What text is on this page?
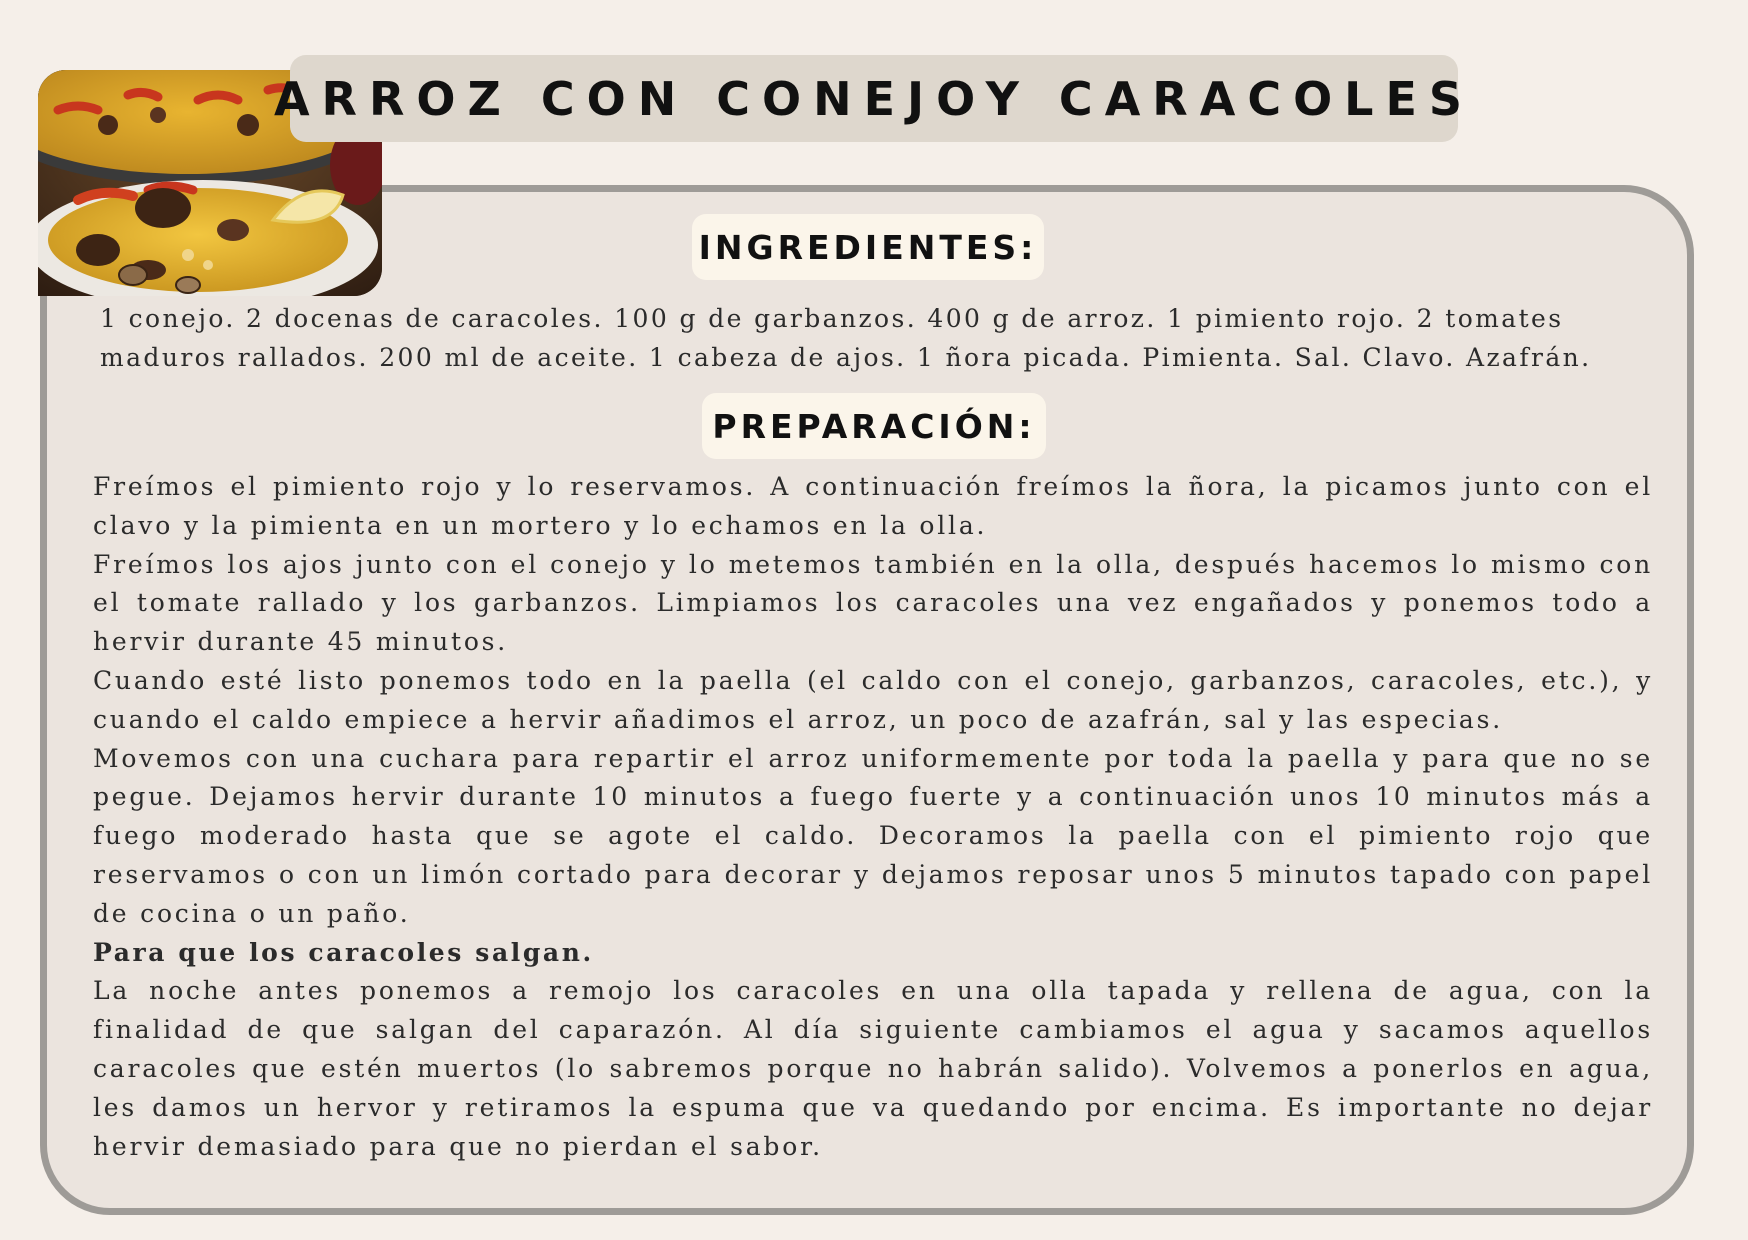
ARROZ CON CONEJOY CARACOLES
INGREDIENTES:
1 conejo. 2 docenas de caracoles. 100 g de garbanzos. 400 g de arroz. 1 pimiento rojo. 2 tomates
maduros rallados. 200 ml de aceite. 1 cabeza de ajos. 1 ñora picada. Pimienta. Sal. Clavo. Azafrán.
PREPARACIÓN:

Freímos el pimiento rojo y lo reservamos. A continuación freímos la ñora, la picamos junto con el clavo y la pimienta en un mortero y lo echamos en la olla.

Freímos los ajos junto con el conejo y lo metemos también en la olla, después hacemos lo mismo con el tomate rallado y los garbanzos. Limpiamos los caracoles una vez engañados y ponemos todo a hervir durante 45 minutos.

Cuando esté listo ponemos todo en la paella (el caldo con el conejo, garbanzos, caracoles, etc.), y cuando el caldo empiece a hervir añadimos el arroz, un poco de azafrán, sal y las especias.

Movemos con una cuchara para repartir el arroz uniformemente por toda la paella y para que no se pegue. Dejamos hervir durante 10 minutos a fuego fuerte y a continuación unos 10 minutos más a fuego moderado hasta que se agote el caldo. Decoramos la paella con el pimiento rojo que reservamos o con un limón cortado para decorar y dejamos reposar unos 5 minutos tapado con papel de cocina o un paño.

Para que los caracoles salgan.

La noche antes ponemos a remojo los caracoles en una olla tapada y rellena de agua, con la finalidad de que salgan del caparazón. Al día siguiente cambiamos el agua y sacamos aquellos caracoles que estén muertos (lo sabremos porque no habrán salido). Volvemos a ponerlos en agua, les damos un hervor y retiramos la espuma que va quedando por encima. Es importante no dejar hervir demasiado para que no pierdan el sabor.
